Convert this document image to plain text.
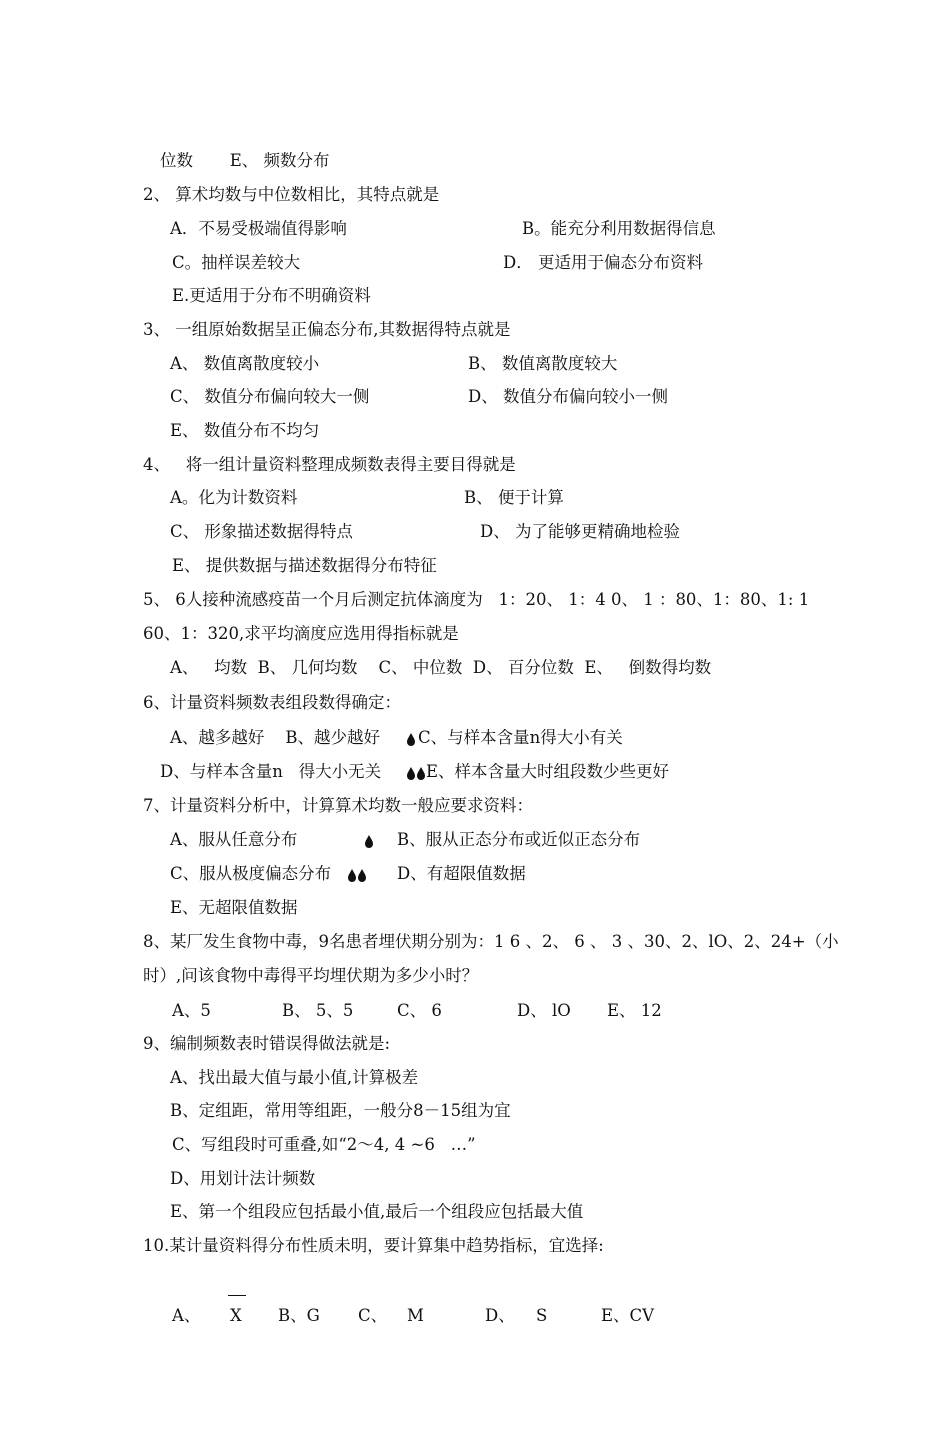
位数       E、 频数分布
2、 算术均数与中位数相比，其特点就是
A．不易受极端值得影响	B。能充分利用数据得信息
C。抽样误差较大	D． 更适用于偏态分布资料
E.更适用于分布不明确资料
3、 一组原始数据呈正偏态分布,其数据得特点就是
A、 数值离散度较小	B、 数值离散度较大
C、 数值分布偏向较大一侧	D、 数值分布偏向较小一侧
E、 数值分布不均匀
4、   将一组计量资料整理成频数表得主要目得就是
A。化为计数资料	B、 便于计算
C、 形象描述数据得特点	D、 为了能够更精确地检验
E、 提供数据与描述数据得分布特征
5、 6人接种流感疫苗一个月后测定抗体滴度为   1：20、 1：4 0、 1 ：80、1：80、1: 1
60、1：320,求平均滴度应选用得指标就是
A、   均数  B、 几何均数    C、 中位数  D、 百分位数  E、   倒数得均数
6、计量资料频数表组段数得确定：
A、越多越好    B、越少越好 C、与样本含量n得大小有关
D、与样本含量n   得大小无关	E、样本含量大时组段数少些更好
7、计量资料分析中，计算算术均数一般应要求资料：
A、服从任意分布	B、服从正态分布或近似正态分布
C、服从极度偏态分布	D、有超限值数据
E、无超限值数据
8、某厂发生食物中毒，9名患者埋伏期分别为：1 6 、2、 6 、 3 、30、2、lO、2、24+（小
时）,问该食物中毒得平均埋伏期为多少小时？
A、5	B、 5、5	C、 6	D、 lO E、 12
9、编制频数表时错误得做法就是:
A、找出最大值与最小值,计算极差
B、定组距，常用等组距，一般分8－15组为宜
C、写组段时可重叠,如“2～4, 4 ~6   …”
D、用划计法计频数
E、第一个组段应包括最小值,最后一个组段应包括最大值
10.某计量资料得分布性质未明，要计算集中趋势指标，宜选择:
A、 X B、G C、 M	D、 S	E、CV
